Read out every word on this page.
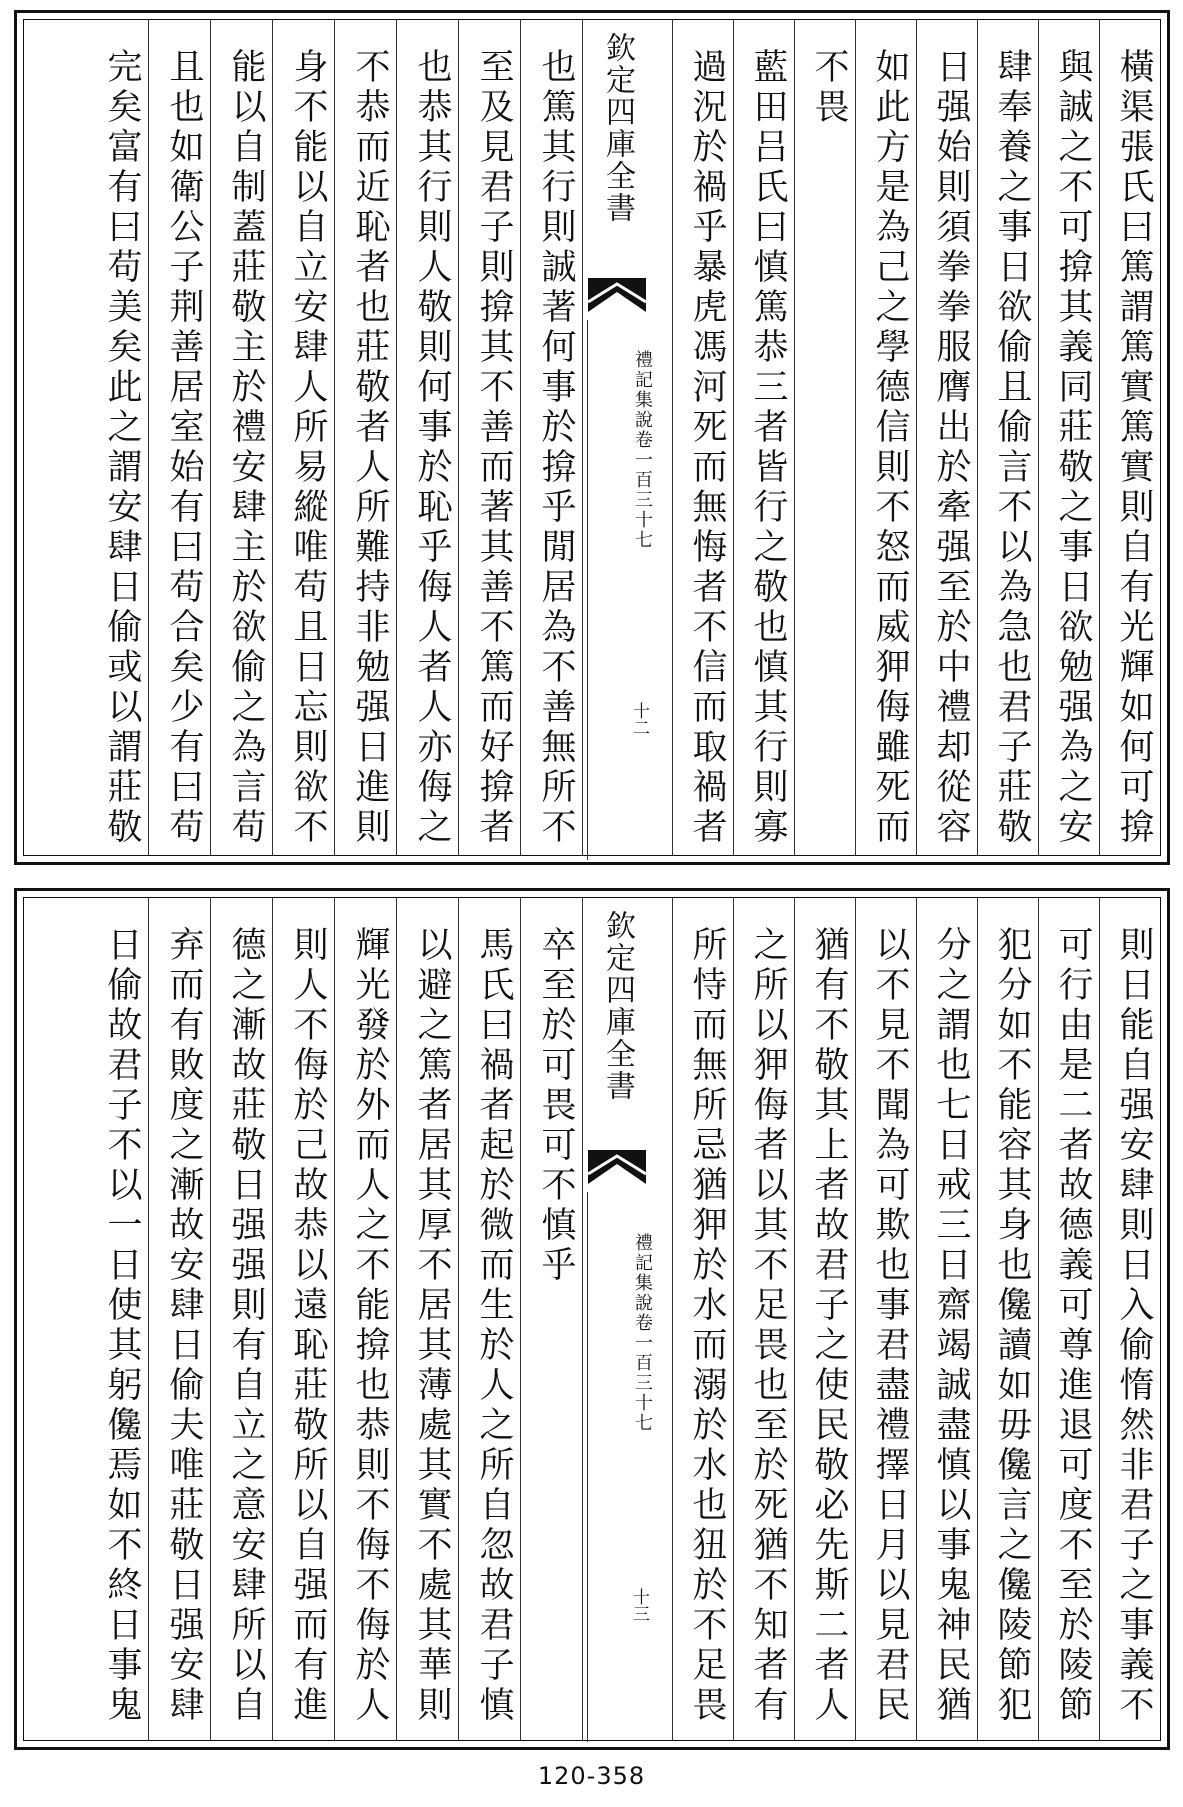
橫渠張氏曰篤謂篤實篤實則自有光輝如何可揜
與誠之不可揜其義同莊敬之事日欲勉强為之安
肆奉養之事日欲偷且偷言不以為急也君子莊敬
日强始則須拳拳服膺出於牽强至於中禮却從容
如此方是為己之學德信則不怒而威狎侮雖死而
不畏
藍田吕氏曰慎篤恭三者皆行之敬也慎其行則寡
過況於禍乎暴虎馮河死而無悔者不信而取禍者
欽定四庫全書
禮記集說卷一百三十七
十二
也篤其行則誠著何事於揜乎閒居為不善無所不
至及見君子則揜其不善而著其善不篤而好揜者
也恭其行則人敬則何事於恥乎侮人者人亦侮之
不恭而近恥者也莊敬者人所難持非勉强日進則
身不能以自立安肆人所易縱唯苟且日忘則欲不
能以自制蓋莊敬主於禮安肆主於欲偷之為言苟
且也如衛公子荆善居室始有曰苟合矣少有曰苟
完矣富有曰苟美矣此之謂安肆日偷或以謂莊敬
則日能自强安肆則日入偷惰然非君子之事義不
可行由是二者故德義可尊進退可度不至於陵節
犯分如不能容其身也儳讀如毋儳言之儳陵節犯
分之謂也七日戒三日齋竭誠盡慎以事鬼神民猶
以不見不聞為可欺也事君盡禮擇日月以見君民
猶有不敬其上者故君子之使民敬必先斯二者人
之所以狎侮者以其不足畏也至於死猶不知者有
所恃而無所忌猶狎於水而溺於水也狃於不足畏
欽定四庫全書
禮記集說卷一百三十七
十三
卒至於可畏可不慎乎
馬氏曰禍者起於微而生於人之所自忽故君子慎
以避之篤者居其厚不居其薄處其實不處其華則
輝光發於外而人之不能揜也恭則不侮不侮於人
則人不侮於己故恭以遠恥莊敬所以自强而有進
德之漸故莊敬日强强則有自立之意安肆所以自
弃而有敗度之漸故安肆日偷夫唯莊敬日强安肆
日偷故君子不以一日使其躬儳焉如不終日事鬼
120-358
